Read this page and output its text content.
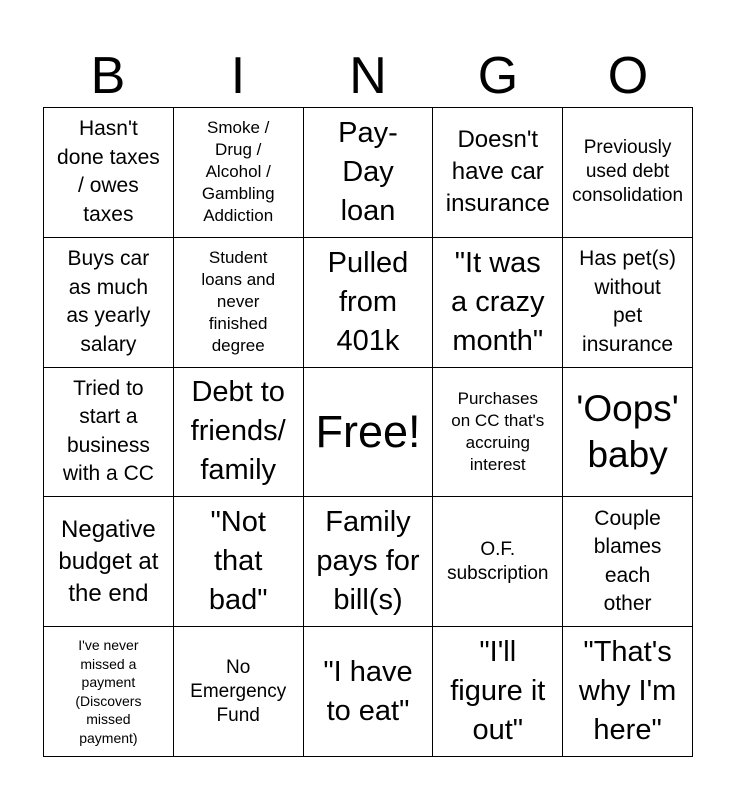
B	I	N	G	O
Hasn't
done taxes
/ owes
taxes
Smoke /
Drug /
Alcohol /
Gambling
Addiction
Pay-
Day
loan
Doesn't
have car
insurance
Previously
used debt
consolidation
Buys car
as much
as yearly
salary
Student
loans and
never
finished
degree
Pulled
from
401k
"It was
a crazy
month"
Has pet(s)
without
pet
insurance
Tried to
start a
business
with a CC
Debt to
friends/
family
Free!
Purchases
on CC that's
accruing
interest
'Oops'
baby
Negative
budget at
the end
"Not
that
bad"
Family
pays for
bill(s)
O.F.
subscription
Couple
blames
each
other
I've never
missed a
payment
(Discovers
missed
payment)
No
Emergency
Fund
"I have
to eat"
"I'll
figure it
out"
"That's
why I'm
here"
